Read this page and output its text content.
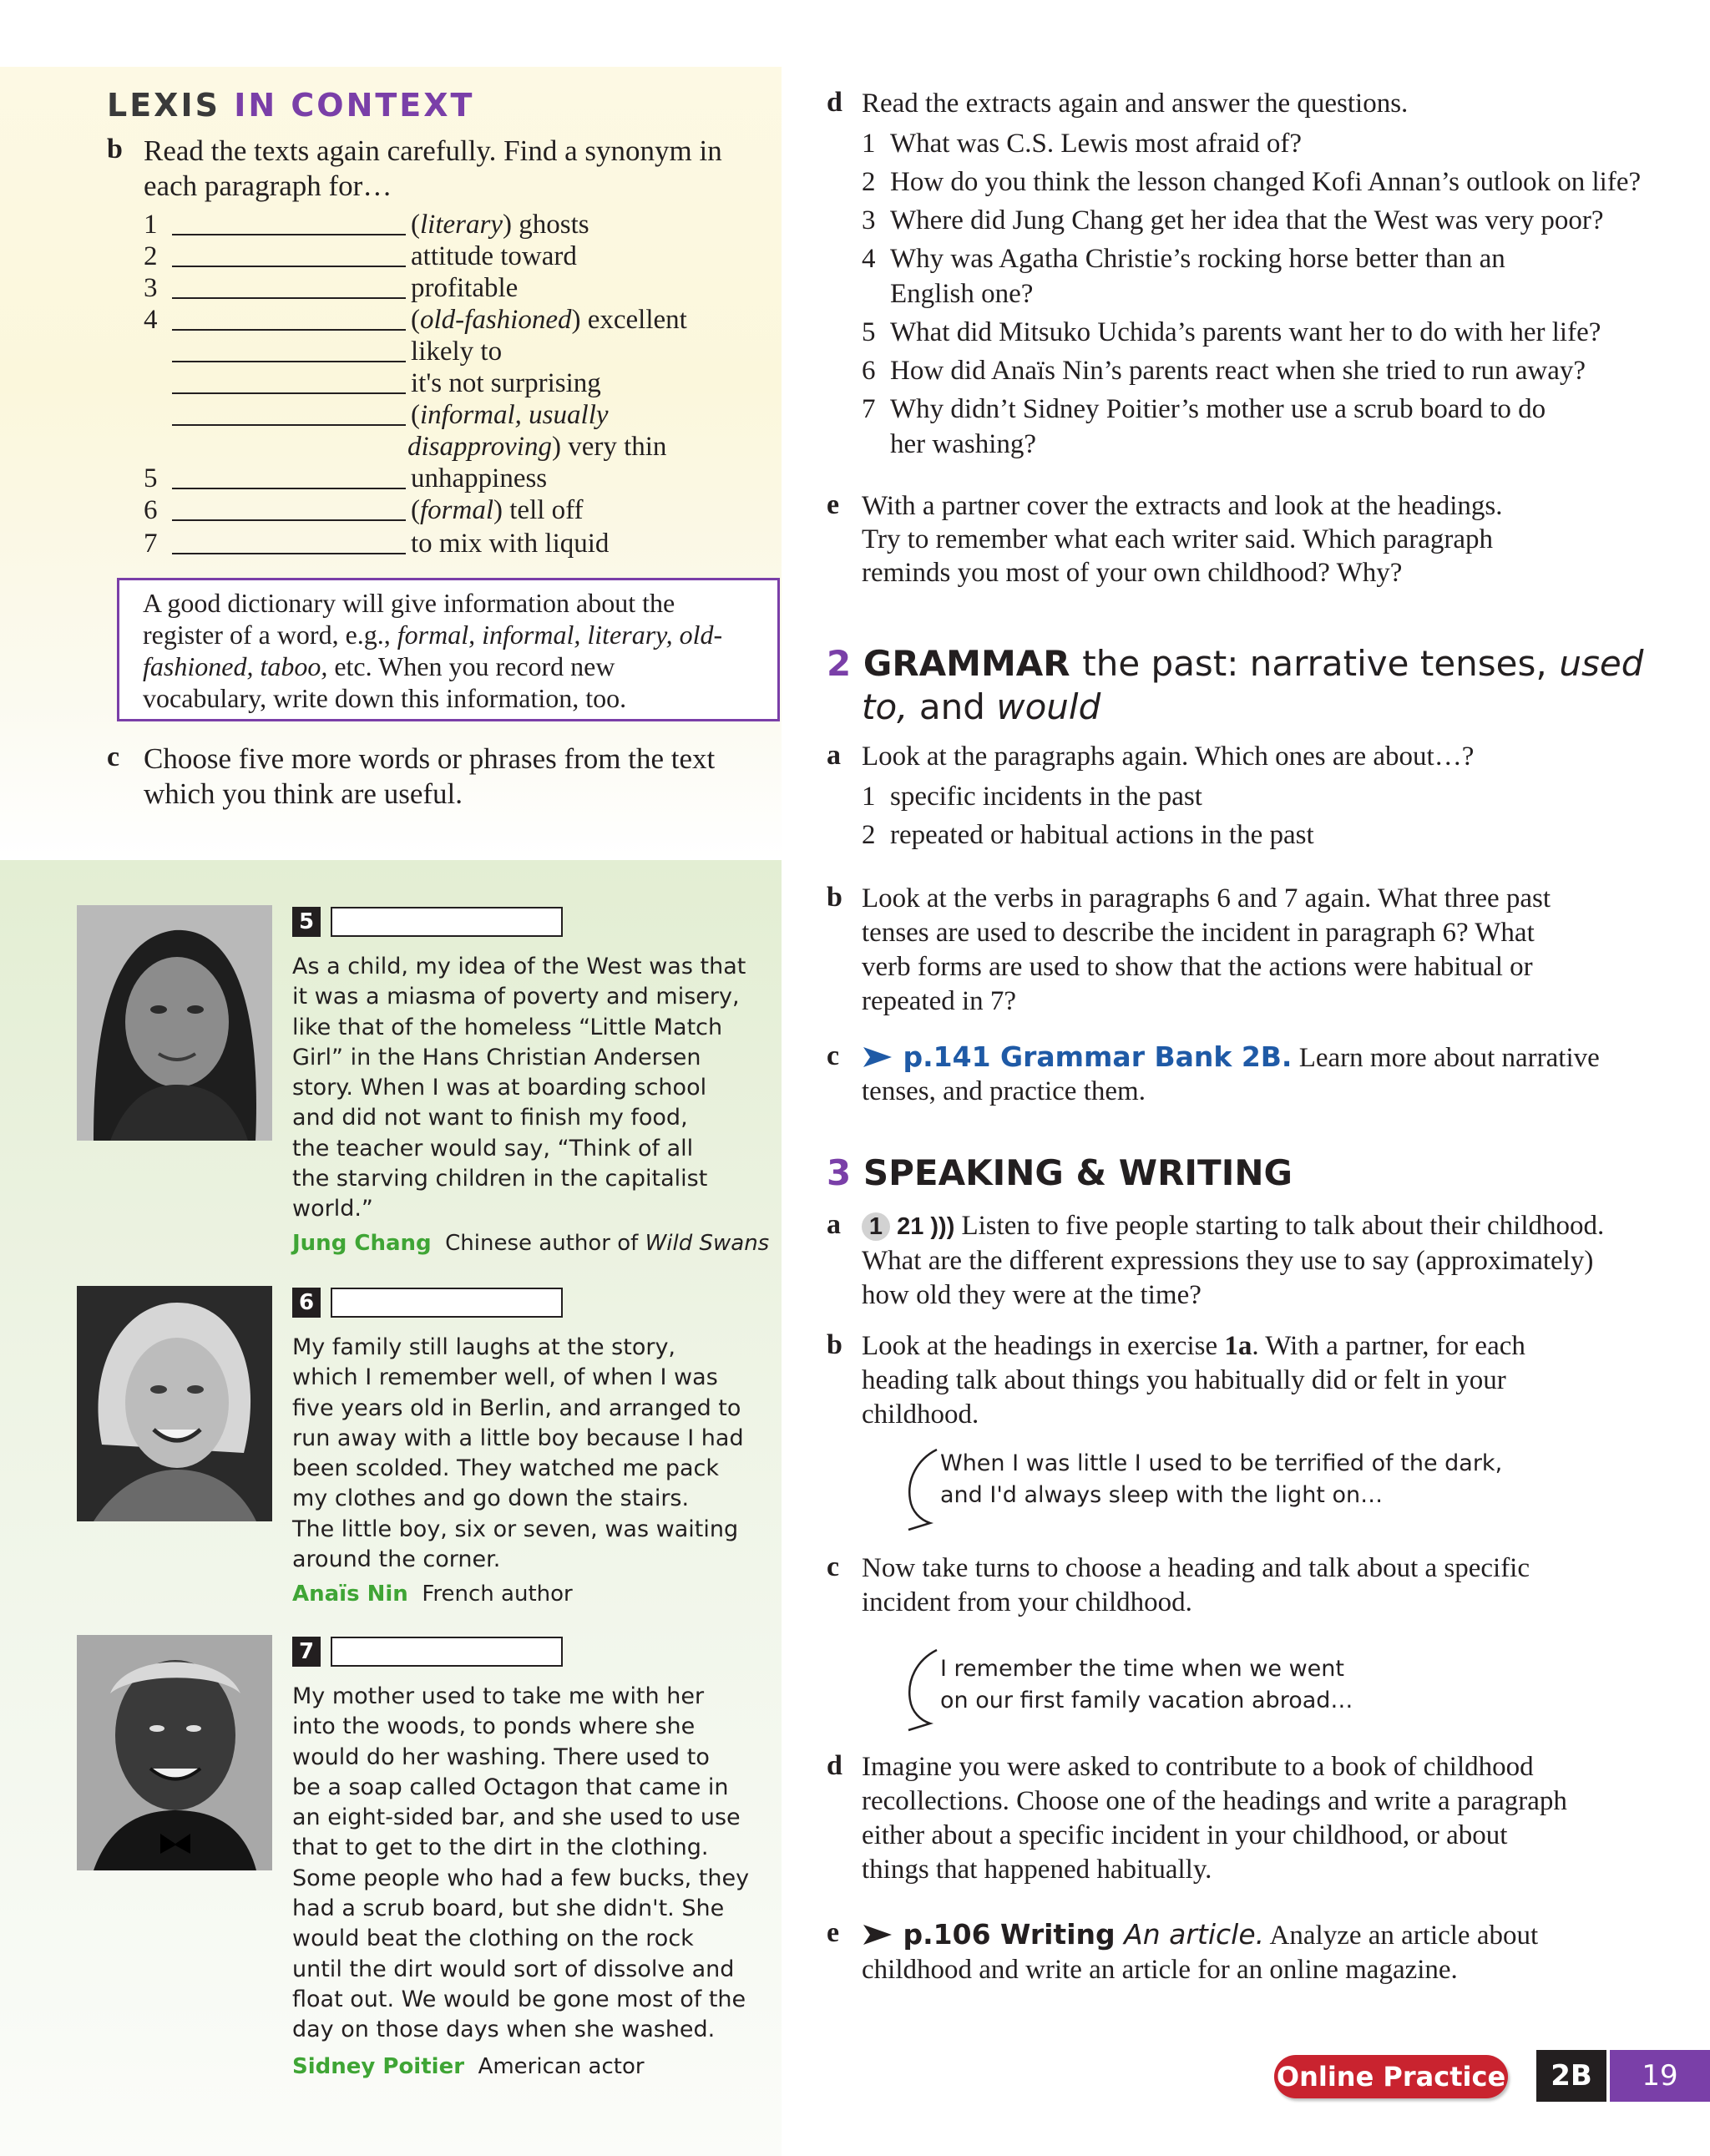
LEXIS IN CONTEXT
b Read the texts again carefully. Find a synonym in
each paragraph for…
1	(literary) ghosts
2	attitude toward
3	profitable
4	(old-fashioned) excellent
likely to
it's not surprising
(informal, usually
disapproving) very thin
5	unhappiness
6	(formal) tell off
7	to mix with liquid
A good dictionary will give information about the
register of a word, e.g., formal, informal, literary, old-
fashioned, taboo, etc. When you record new
vocabulary, write down this information, too.
c Choose five more words or phrases from the text
which you think are useful.
5
As a child, my idea of the West was that
it was a miasma of poverty and misery,
like that of the homeless “Little Match
Girl” in the Hans Christian Andersen
story. When I was at boarding school
and did not want to finish my food,
the teacher would say, “Think of all
the starving children in the capitalist
world.”
Jung Chang Chinese author of Wild Swans
6
My family still laughs at the story,
which I remember well, of when I was
five years old in Berlin, and arranged to
run away with a little boy because I had
been scolded. They watched me pack
my clothes and go down the stairs.
The little boy, six or seven, was waiting
around the corner.
Anaïs Nin French author
7
My mother used to take me with her
into the woods, to ponds where she
would do her washing. There used to
be a soap called Octagon that came in
an eight-sided bar, and she used to use
that to get to the dirt in the clothing.
Some people who had a few bucks, they
had a scrub board, but she didn't. She
would beat the clothing on the rock
until the dirt would sort of dissolve and
float out. We would be gone most of the
day on those days when she washed.
Sidney Poitier American actor
d Read the extracts again and answer the questions.
1 What was C.S. Lewis most afraid of?
2 How do you think the lesson changed Kofi Annan’s outlook on life?
3 Where did Jung Chang get her idea that the West was very poor?
4 Why was Agatha Christie’s rocking horse better than an
English one?
5 What did Mitsuko Uchida’s parents want her to do with her life?
6 How did Anaïs Nin’s parents react when she tried to run away?
7 Why didn’t Sidney Poitier’s mother use a scrub board to do
her washing?
e With a partner cover the extracts and look at the headings.
Try to remember what each writer said. Which paragraph
reminds you most of your own childhood? Why?
2 GRAMMAR the past: narrative tenses, used
to, and would
a Look at the paragraphs again. Which ones are about…?
1 specific incidents in the past
2 repeated or habitual actions in the past
b Look at the verbs in paragraphs 6 and 7 again. What three past
tenses are used to describe the incident in paragraph 6? What
verb forms are used to show that the actions were habitual or
repeated in 7?
c	p.141 Grammar Bank 2B. Learn more about narrative
tenses, and practice them.
3 SPEAKING & WRITING
a	1 21 ))) Listen to five people starting to talk about their childhood.
What are the different expressions they use to say (approximately)
how old they were at the time?
b Look at the headings in exercise 1a. With a partner, for each
heading talk about things you habitually did or felt in your
childhood.
When I was little I used to be terrified of the dark,
and I'd always sleep with the light on…
c Now take turns to choose a heading and talk about a specific
incident from your childhood.
I remember the time when we went
on our first family vacation abroad…
d Imagine you were asked to contribute to a book of childhood
recollections. Choose one of the headings and write a paragraph
either about a specific incident in your childhood, or about
things that happened habitually.
e	p.106 Writing An article. Analyze an article about
childhood and write an article for an online magazine.
Online Practice	2B	19
